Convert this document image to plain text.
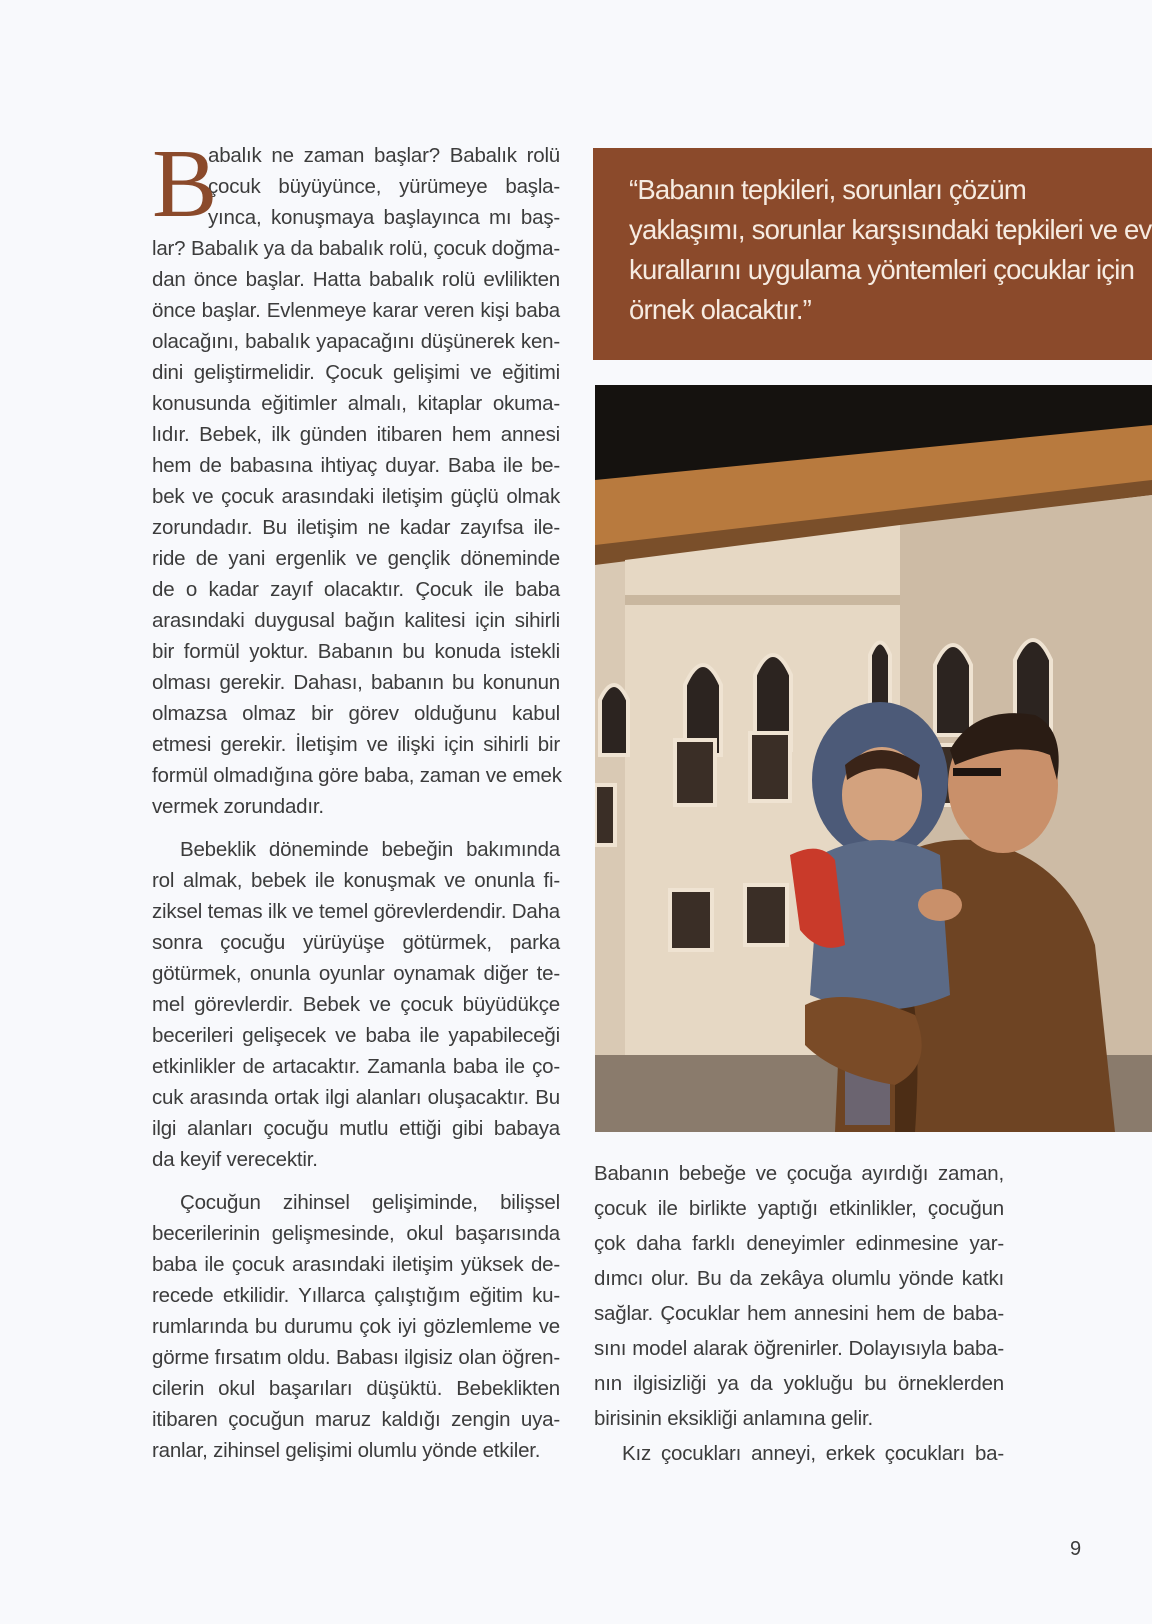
B
abalık ne zaman başlar? Babalık rolü
çocuk büyüyünce, yürümeye başla-
yınca, konuşmaya başlayınca mı baş-
lar? Babalık ya da babalık rolü, çocuk doğma-
dan önce başlar. Hatta babalık rolü evlilikten
önce başlar. Evlenmeye karar veren kişi baba
olacağını, babalık yapacağını düşünerek ken-
dini geliştirmelidir. Çocuk gelişimi ve eğitimi
konusunda eğitimler almalı, kitaplar okuma-
lıdır. Bebek, ilk günden itibaren hem annesi
hem de babasına ihtiyaç duyar. Baba ile be-
bek ve çocuk arasındaki iletişim güçlü olmak
zorundadır. Bu iletişim ne kadar zayıfsa ile-
ride de yani ergenlik ve gençlik döneminde
de o kadar zayıf olacaktır. Çocuk ile baba
arasındaki duygusal bağın kalitesi için sihirli
bir formül yoktur. Babanın bu konuda istekli
olması gerekir. Dahası, babanın bu konunun
olmazsa olmaz bir görev olduğunu kabul
etmesi gerekir. İletişim ve ilişki için sihirli bir
formül olmadığına göre baba, zaman ve emek
vermek zorundadır.
Bebeklik döneminde bebeğin bakımında
rol almak, bebek ile konuşmak ve onunla fi-
ziksel temas ilk ve temel görevlerdendir. Daha
sonra çocuğu yürüyüşe götürmek, parka
götürmek, onunla oyunlar oynamak diğer te-
mel görevlerdir. Bebek ve çocuk büyüdükçe
becerileri gelişecek ve baba ile yapabileceği
etkinlikler de artacaktır. Zamanla baba ile ço-
cuk arasında ortak ilgi alanları oluşacaktır. Bu
ilgi alanları çocuğu mutlu ettiği gibi babaya
da keyif verecektir.
Çocuğun zihinsel gelişiminde, bilişsel
becerilerinin gelişmesinde, okul başarısında
baba ile çocuk arasındaki iletişim yüksek de-
recede etkilidir. Yıllarca çalıştığım eğitim ku-
rumlarında bu durumu çok iyi gözlemleme ve
görme fırsatım oldu. Babası ilgisiz olan öğren-
cilerin okul başarıları düşüktü. Bebeklikten
itibaren çocuğun maruz kaldığı zengin uya-
ranlar, zihinsel gelişimi olumlu yönde etkiler.
“Babanın tepkileri, sorunları çözüm
yaklaşımı, sorunlar karşısındaki tepkileri ve ev
kurallarını uygulama yöntemleri çocuklar için
örnek olacaktır.”
Babanın bebeğe ve çocuğa ayırdığı zaman,
çocuk ile birlikte yaptığı etkinlikler, çocuğun
çok daha farklı deneyimler edinmesine yar-
dımcı olur. Bu da zekâya olumlu yönde katkı
sağlar. Çocuklar hem annesini hem de baba-
sını model alarak öğrenirler. Dolayısıyla baba-
nın ilgisizliği ya da yokluğu bu örneklerden
birisinin eksikliği anlamına gelir.
Kız çocukları anneyi, erkek çocukları ba-
9
